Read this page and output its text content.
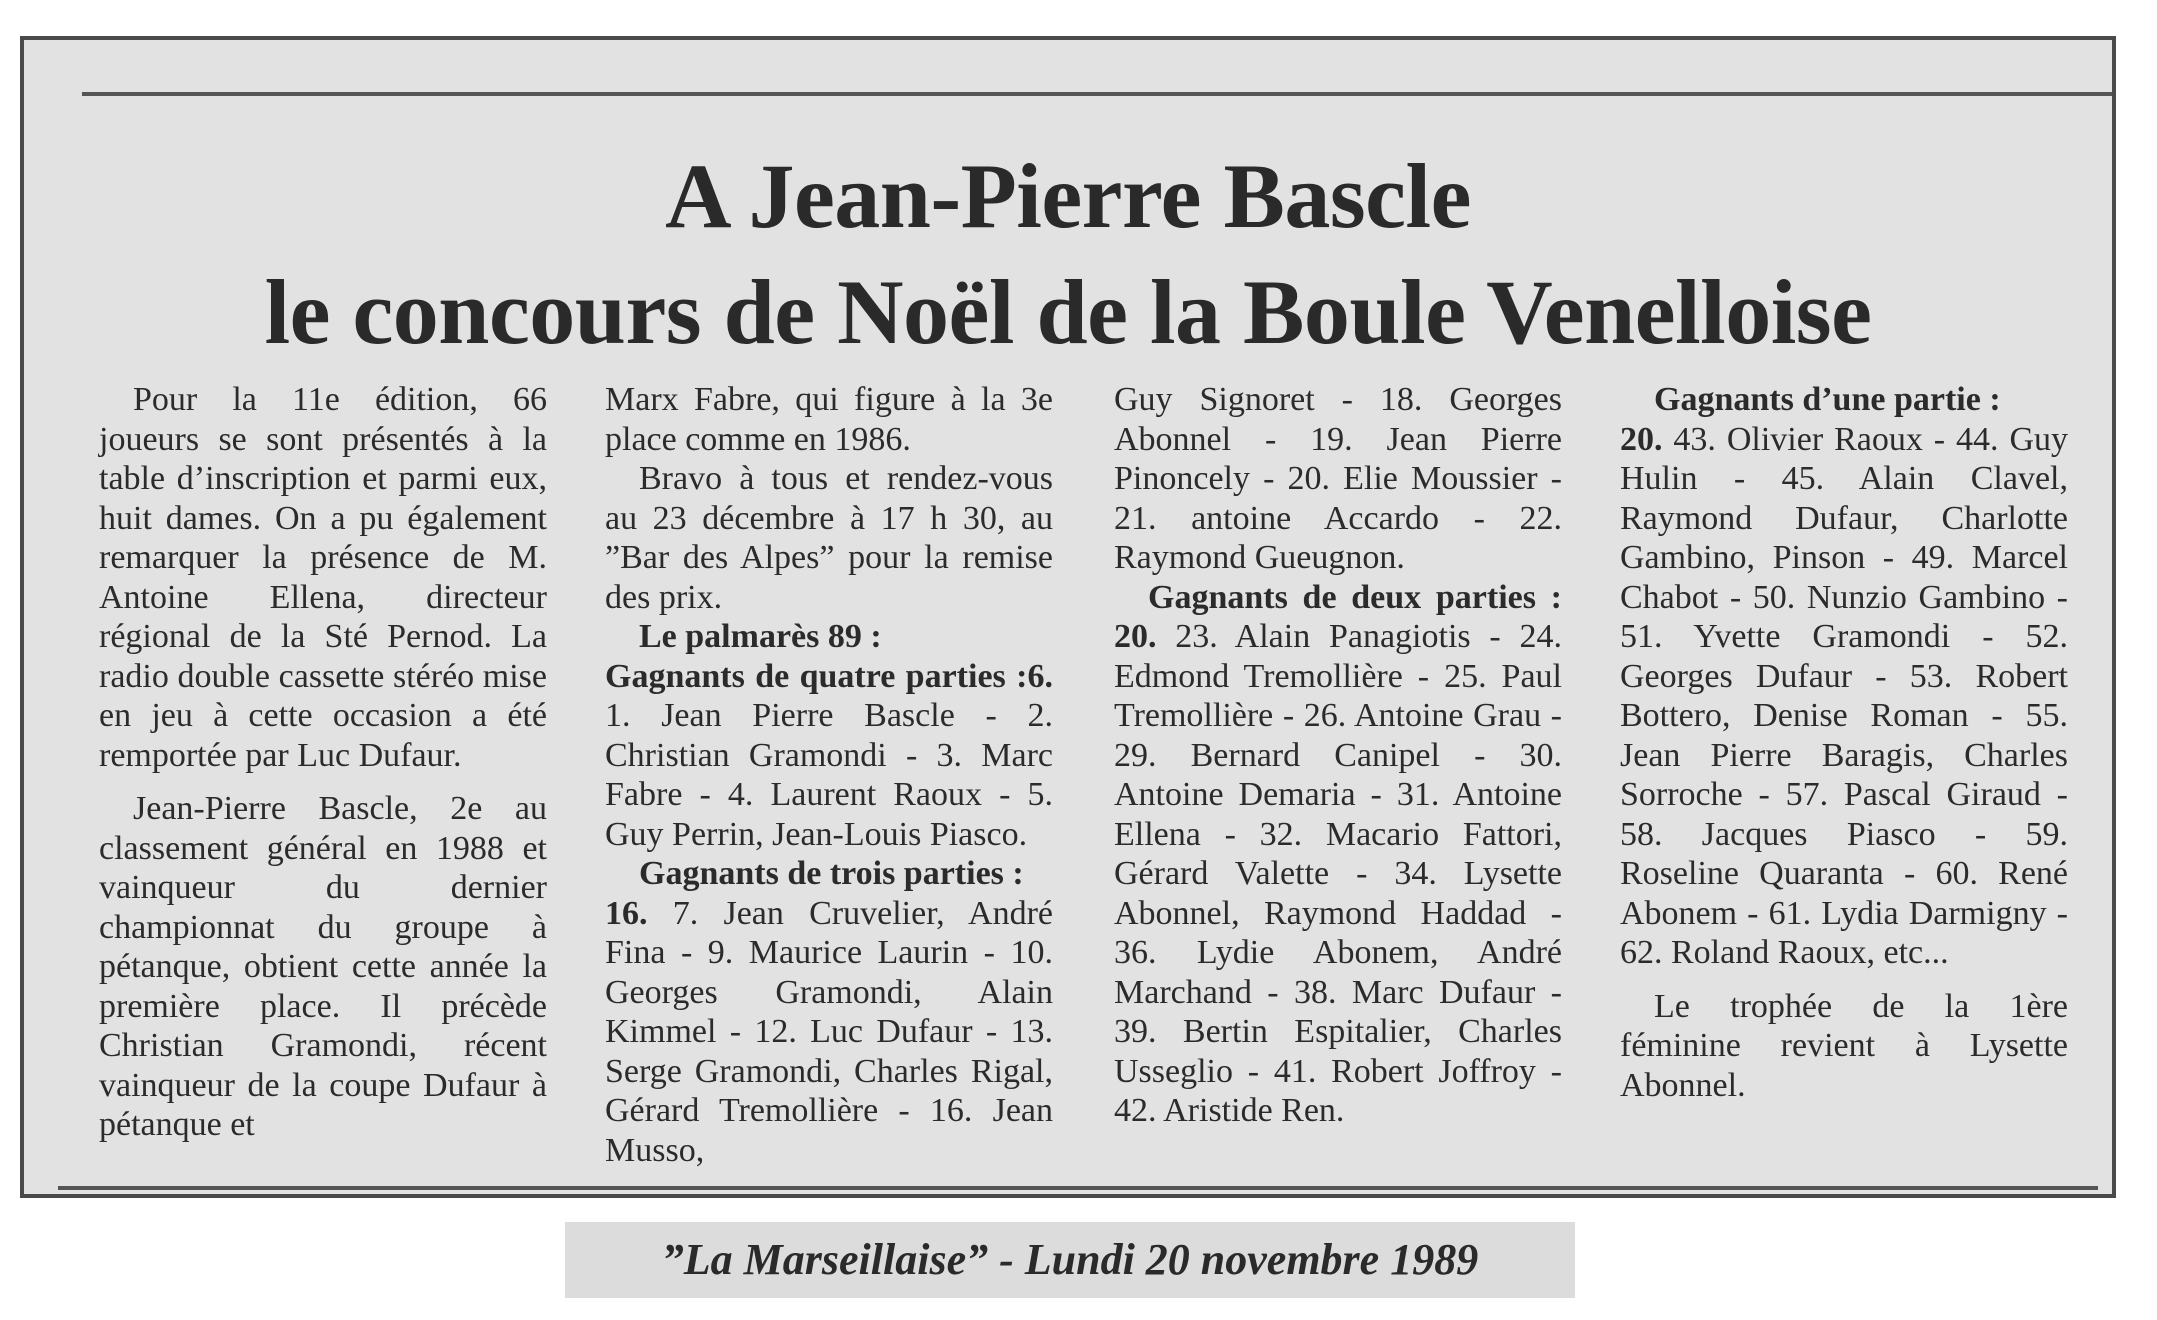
A Jean-Pierre Bascle
le concours de Noël de la Boule Venelloise

Pour la 11e édition, 66 joueurs se sont présentés à la table d’inscription et parmi eux, huit dames. On a pu également remarquer la présence de M. Antoine Ellena, directeur régional de la Sté Pernod. La radio double cassette stéréo mise en jeu à cette occasion a été remportée par Luc Dufaur.

Jean-Pierre Bascle, 2e au classement général en 1988 et vainqueur du dernier championnat du groupe à pétanque, obtient cette année la première place. Il précède Christian Gramondi, récent vainqueur de la coupe Dufaur à pétanque et

Marx Fabre, qui figure à la 3e place comme en 1986.

Bravo à tous et rendez-vous au 23 décembre à 17 h 30, au ”Bar des Alpes” pour la remise des prix.

Le palmarès 89 :

Gagnants de quatre parties :6. 1. Jean Pierre Bascle - 2. Christian Gramondi - 3. Marc Fabre - 4. Laurent Raoux - 5. Guy Perrin, Jean-Louis Piasco.

Gagnants de trois parties :

16. 7. Jean Cruvelier, André Fina - 9. Maurice Laurin - 10. Georges Gramondi, Alain Kimmel - 12. Luc Dufaur - 13. Serge Gramondi, Charles Rigal, Gérard Tremollière - 16. Jean Musso,

Guy Signoret - 18. Georges Abonnel - 19. Jean Pierre Pinoncely - 20. Elie Moussier - 21. antoine Accardo - 22. Raymond Gueugnon.

Gagnants de deux parties : 20. 23. Alain Panagiotis - 24. Edmond Tremollière - 25. Paul Tremollière - 26. Antoine Grau - 29. Bernard Canipel - 30. Antoine Demaria - 31. Antoine Ellena - 32. Macario Fattori, Gérard Valette - 34. Lysette Abonnel, Raymond Haddad - 36. Lydie Abonem, André Marchand - 38. Marc Dufaur - 39. Bertin Espitalier, Charles Usseglio - 41. Robert Joffroy - 42. Aristide Ren.

Gagnants d’une partie :

20. 43. Olivier Raoux - 44. Guy Hulin - 45. Alain Clavel, Raymond Dufaur, Charlotte Gambino, Pinson - 49. Marcel Chabot - 50. Nunzio Gambino - 51. Yvette Gramondi - 52. Georges Dufaur - 53. Robert Bottero, Denise Roman - 55. Jean Pierre Baragis, Charles Sorroche - 57. Pascal Giraud - 58. Jacques Piasco - 59. Roseline Quaranta - 60. René Abonem - 61. Lydia Darmigny - 62. Roland Raoux, etc...

Le trophée de la 1ère féminine revient à Lysette Abonnel.

”La Marseillaise” - Lundi 20 novembre 1989
